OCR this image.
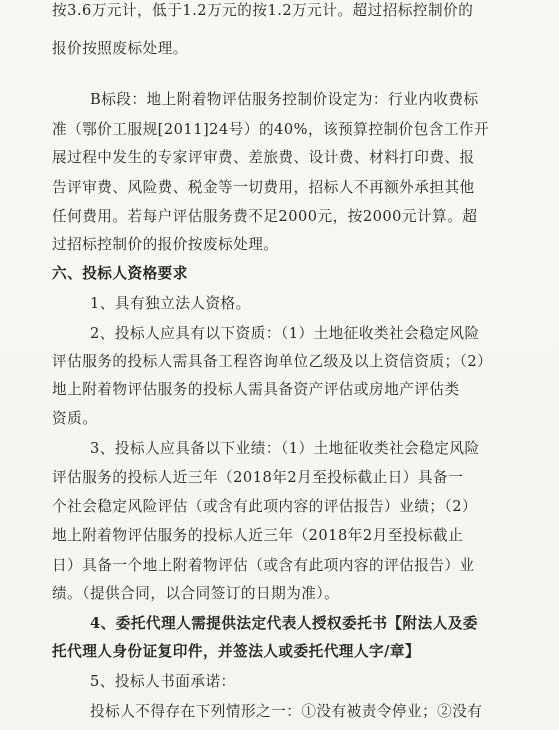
按3.6万元计，低于1.2万元的按1.2万元计。超过招标控制价的

报价按照废标处理。

B标段：地上附着物评估服务控制价设定为：行业内收费标

准（鄂价工服规[2011]24号）的40%，该预算控制价包含工作开

展过程中发生的专家评审费、差旅费、设计费、材料打印费、报

告评审费、风险费、税金等一切费用，招标人不再额外承担其他

任何费用。若每户评估服务费不足2000元，按2000元计算。超

过招标控制价的报价按废标处理。

六、投标人资格要求

1、具有独立法人资格。

2、投标人应具有以下资质：（1）土地征收类社会稳定风险

评估服务的投标人需具备工程咨询单位乙级及以上资信资质；（2）

地上附着物评估服务的投标人需具备资产评估或房地产评估类

资质。

3、投标人应具备以下业绩：（1）土地征收类社会稳定风险

评估服务的投标人近三年（2018年2月至投标截止日）具备一

个社会稳定风险评估（或含有此项内容的评估报告）业绩；（2）

地上附着物评估服务的投标人近三年（2018年2月至投标截止

日）具备一个地上附着物评估（或含有此项内容的评估报告）业

绩。（提供合同，以合同签订的日期为准）。

4、委托代理人需提供法定代表人授权委托书【附法人及委

托代理人身份证复印件，并签法人或委托代理人字/章】

5、投标人书面承诺：

投标人不得存在下列情形之一：①没有被责令停业；②没有
